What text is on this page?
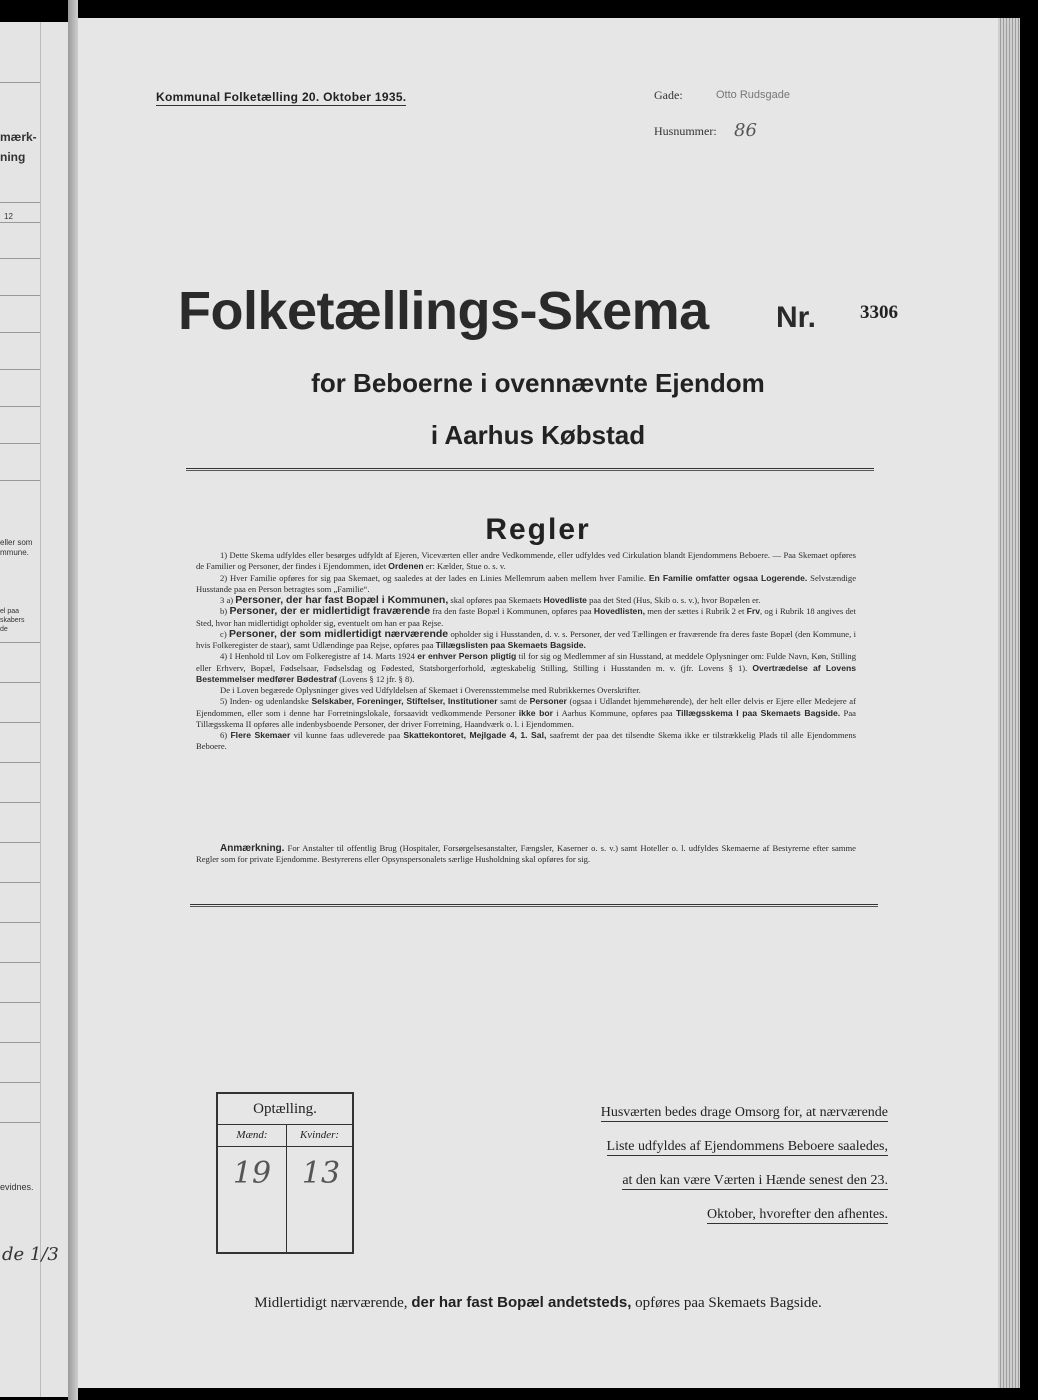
mærk-
ning
12
eller som
mmune.
el paa
skabers
de
evidnes.
de 1/3
Kommunal Folketælling 20. Oktober 1935.	Gade:	Otto Rudsgade
Husnummer: 86
Folketællings-Skema Nr. 3306
for Beboerne i ovennævnte Ejendom
i Aarhus Købstad
Regler

1) Dette Skema udfyldes eller besørges udfyldt af Ejeren, Viceværten eller andre Vedkommende, eller udfyldes ved Cirkulation blandt Ejendommens Beboere. — Paa Skemaet opføres de Familier og Personer, der findes i Ejendommen, idet Ordenen er: Kælder, Stue o. s. v.

2) Hver Familie opføres for sig paa Skemaet, og saaledes at der lades en Linies Mellemrum aaben mellem hver Familie. En Familie omfatter ogsaa Logerende. Selvstændige Husstande paa en Person betragtes som „Familie“.

3 a) Personer, der har fast Bopæl i Kommunen, skal opføres paa Skemaets Hovedliste paa det Sted (Hus, Skib o. s. v.), hvor Bopælen er.

b) Personer, der er midlertidigt fraværende fra den faste Bopæl i Kommunen, opføres paa Hovedlisten, men der sættes i Rubrik 2 et Frv, og i Rubrik 18 angives det Sted, hvor han midlertidigt opholder sig, eventuelt om han er paa Rejse.

c) Personer, der som midlertidigt nærværende opholder sig i Husstanden, d. v. s. Personer, der ved Tællingen er fraværende fra deres faste Bopæl (den Kommune, i hvis Folkeregister de staar), samt Udlændinge paa Rejse, opføres paa Tillægslisten paa Skemaets Bagside.

4) I Henhold til Lov om Folkeregistre af 14. Marts 1924 er enhver Person pligtig til for sig og Medlemmer af sin Husstand, at meddele Oplysninger om: Fulde Navn, Køn, Stilling eller Erhverv, Bopæl, Fødselsaar, Fødselsdag og Fødested, Statsborgerforhold, ægteskabelig Stilling, Stilling i Husstanden m. v. (jfr. Lovens § 1). Overtrædelse af Lovens Bestemmelser medfører Bødestraf (Lovens § 12 jfr. § 8).

De i Loven begærede Oplysninger gives ved Udfyldelsen af Skemaet i Overensstemmelse med Rubrikkernes Overskrifter.

5) Inden- og udenlandske Selskaber, Foreninger, Stiftelser, Institutioner samt de Personer (ogsaa i Udlandet hjemmehørende), der helt eller delvis er Ejere eller Medejere af Ejendommen, eller som i denne har Forretningslokale, forsaavidt vedkommende Personer ikke bor i Aarhus Kommune, opføres paa Tillægsskema I paa Skemaets Bagside. Paa Tillægsskema II opføres alle indenbysboende Personer, der driver Forretning, Haandværk o. l. i Ejendommen.

6) Flere Skemaer vil kunne faas udleverede paa Skattekontoret, Mejlgade 4, 1. Sal, saafremt der paa det tilsendte Skema ikke er tilstrækkelig Plads til alle Ejendommens Beboere.

Anmærkning. For Anstalter til offentlig Brug (Hospitaler, Forsørgelsesanstalter, Fængsler, Kaserner o. s. v.) samt Hoteller o. l. udfyldes Skemaerne af Bestyrerne efter samme Regler som for private Ejendomme. Bestyrerens eller Opsynspersonalets særlige Husholdning skal opføres for sig.

Optælling.
Mænd:	Kvinder:
19	13
Husværten bedes drage Omsorg for, at nærværende
Liste udfyldes af Ejendommens Beboere saaledes,
at den kan være Værten i Hænde senest den 23.
Oktober, hvorefter den afhentes.
Midlertidigt nærværende, der har fast Bopæl andetsteds, opføres paa Skemaets Bagside.
